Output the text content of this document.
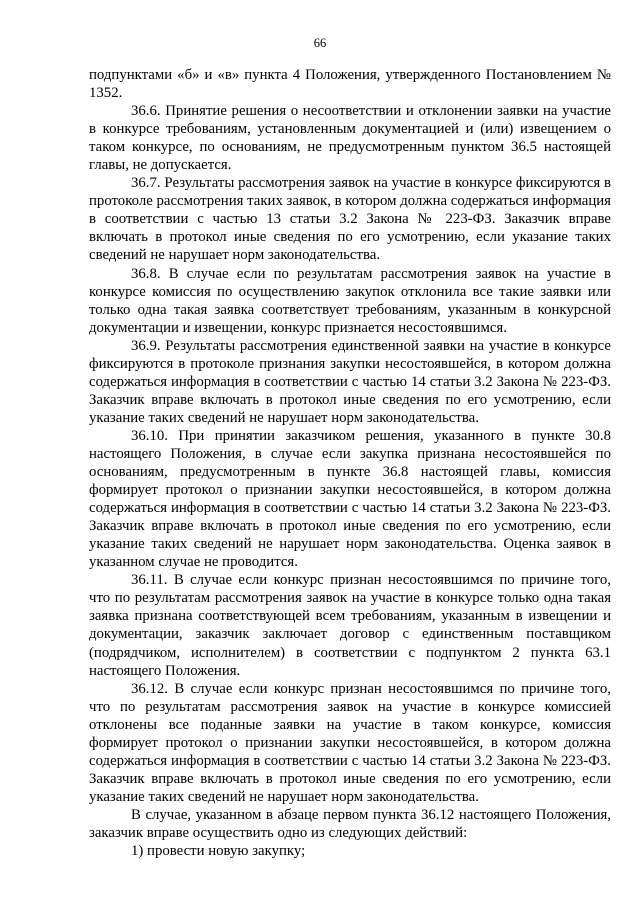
66

подпунктами «б» и «в» пункта 4 Положения, утвержденного Постановлением № 1352.

36.6. Принятие решения о несоответствии и отклонении заявки на участие в конкурсе требованиям, установленным документацией и (или) извещением о таком конкурсе, по основаниям, не предусмотренным пунктом 36.5 настоящей главы, не допускается.

36.7. Результаты рассмотрения заявок на участие в конкурсе фиксируются в протоколе рассмотрения таких заявок, в котором должна содержаться информация в соответствии с частью 13 статьи 3.2 Закона № 223-ФЗ. Заказчик вправе включать в протокол иные сведения по его усмотрению, если указание таких сведений не нарушает норм законодательства.

36.8. В случае если по результатам рассмотрения заявок на участие в конкурсе комиссия по осуществлению закупок отклонила все такие заявки или только одна такая заявка соответствует требованиям, указанным в конкурсной документации и извещении, конкурс признается несостоявшимся.

36.9. Результаты рассмотрения единственной заявки на участие в конкурсе фиксируются в протоколе признания закупки несостоявшейся, в котором должна содержаться информация в соответствии с частью 14 статьи 3.2 Закона № 223-ФЗ. Заказчик вправе включать в протокол иные сведения по его усмотрению, если указание таких сведений не нарушает норм законодательства.

36.10. При принятии заказчиком решения, указанного в пункте 30.8 настоящего Положения, в случае если закупка признана несостоявшейся по основаниям, предусмотренным в пункте 36.8 настоящей главы, комиссия формирует протокол о признании закупки несостоявшейся, в котором должна содержаться информация в соответствии с частью 14 статьи 3.2 Закона № 223-ФЗ. Заказчик вправе включать в протокол иные сведения по его усмотрению, если указание таких сведений не нарушает норм законодательства. Оценка заявок в указанном случае не проводится.

36.11. В случае если конкурс признан несостоявшимся по причине того, что по результатам рассмотрения заявок на участие в конкурсе только одна такая заявка признана соответствующей всем требованиям, указанным в извещении и документации, заказчик заключает договор с единственным поставщиком (подрядчиком, исполнителем) в соответствии с подпунктом 2 пункта 63.1 настоящего Положения.

36.12. В случае если конкурс признан несостоявшимся по причине того, что по результатам рассмотрения заявок на участие в конкурсе комиссией отклонены все поданные заявки на участие в таком конкурсе, комиссия формирует протокол о признании закупки несостоявшейся, в котором должна содержаться информация в соответствии с частью 14 статьи 3.2 Закона № 223-ФЗ. Заказчик вправе включать в протокол иные сведения по его усмотрению, если указание таких сведений не нарушает норм законодательства.

В случае, указанном в абзаце первом пункта 36.12 настоящего Положения, заказчик вправе осуществить одно из следующих действий:

1) провести новую закупку;
